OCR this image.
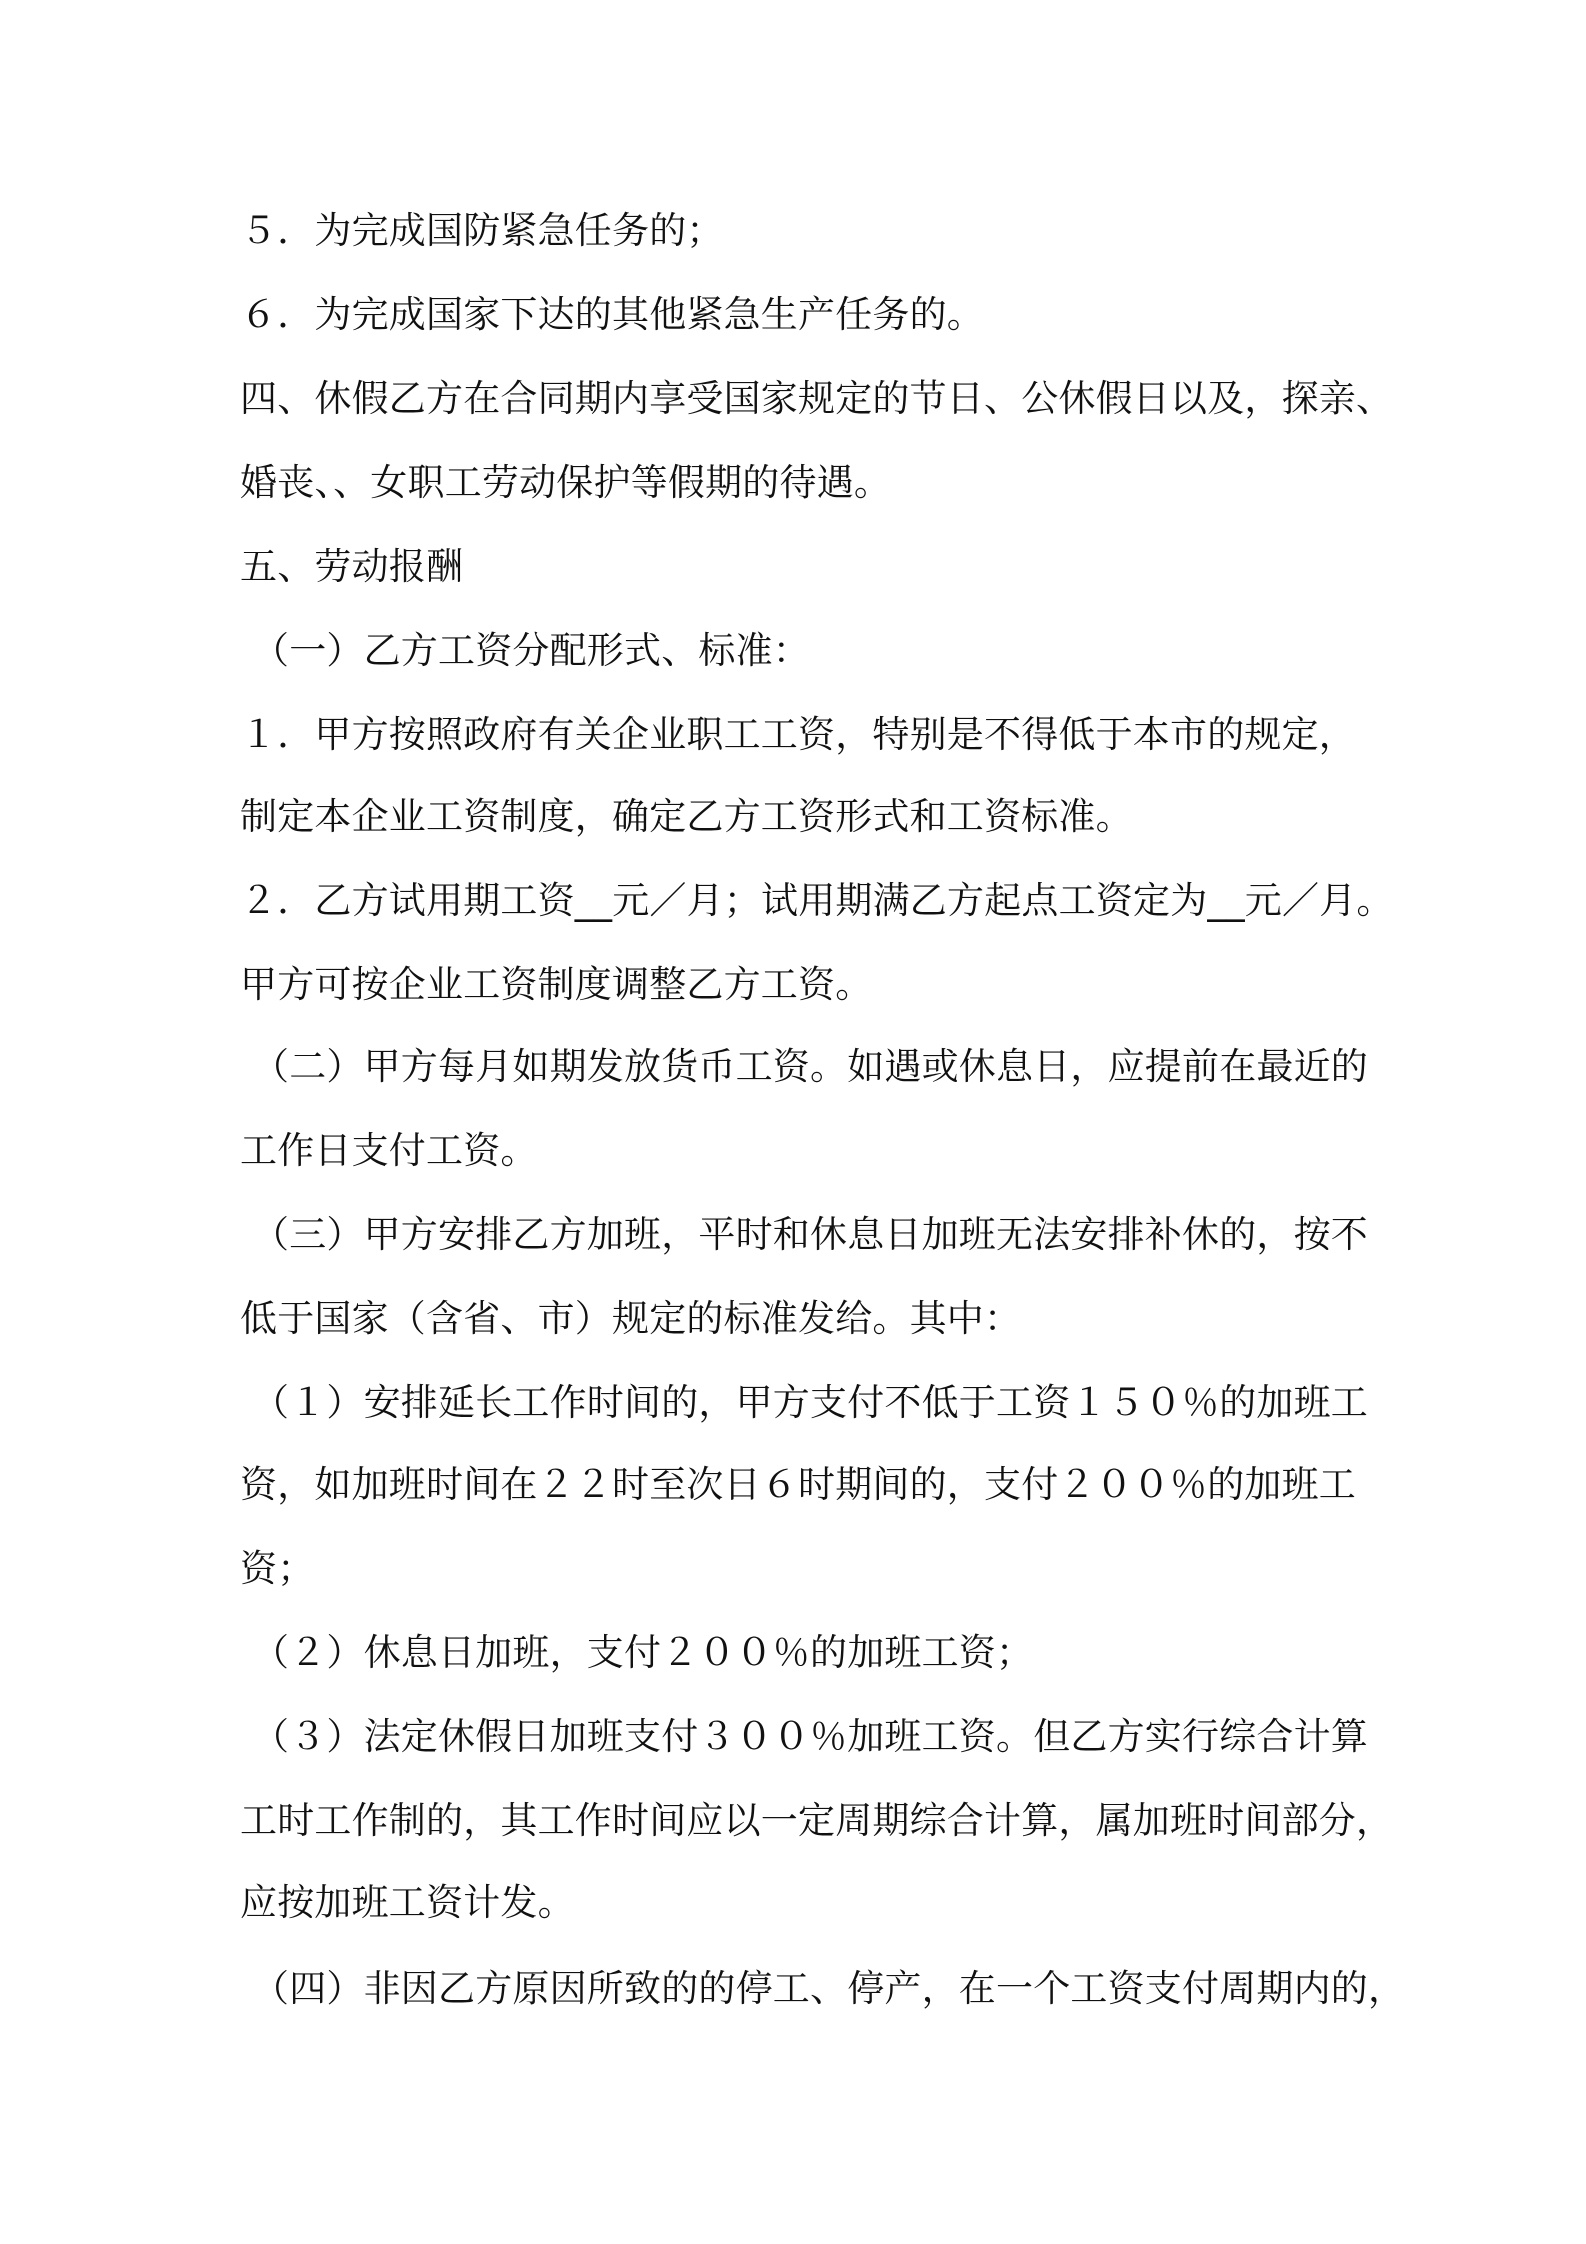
５．为完成国防紧急任务的；
６．为完成国家下达的其他紧急生产任务的。
四、休假乙方在合同期内享受国家规定的节日、公休假日以及，探亲、
婚丧、、女职工劳动保护等假期的待遇。
五、劳动报酬
（一）乙方工资分配形式、标准：
１．甲方按照政府有关企业职工工资，特别是不得低于本市的规定，
制定本企业工资制度，确定乙方工资形式和工资标准。
２．乙方试用期工资__元／月；试用期满乙方起点工资定为__元／月。
甲方可按企业工资制度调整乙方工资。
（二）甲方每月如期发放货币工资。如遇或休息日，应提前在最近的
工作日支付工资。
（三）甲方安排乙方加班，平时和休息日加班无法安排补休的，按不
低于国家（含省、市）规定的标准发给。其中：
（１）安排延长工作时间的，甲方支付不低于工资１５０％的加班工
资，如加班时间在２２时至次日６时期间的，支付２００％的加班工
资；
（２）休息日加班，支付２００％的加班工资；
（３）法定休假日加班支付３００％加班工资。但乙方实行综合计算
工时工作制的，其工作时间应以一定周期综合计算，属加班时间部分，
应按加班工资计发。
（四）非因乙方原因所致的的停工、停产，在一个工资支付周期内的，
